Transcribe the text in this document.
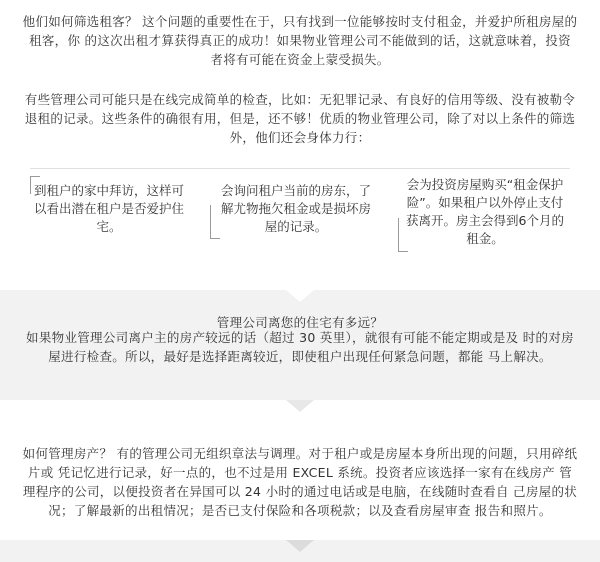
他们如何筛选租客？ 这个问题的重要性在于，只有找到一位能够按时支付租金，并爱护所租房屋的租客，你 的这次出租才算获得真正的成功！如果物业管理公司不能做到的话，这就意味着，投资 者将有可能在资金上蒙受损失。

有些管理公司可能只是在线完成简单的检查，比如：无犯罪记录、有良好的信用等级、没有被勒令退租的记录。这些条件的确很有用，但是，还不够！优质的物业管理公司，除了对以上条件的筛选外，他们还会身体力行：

到租户的家中拜访，这样可以看出潜在租户是否爱护住宅。

会询问租户当前的房东，了解尤物拖欠租金或是损坏房屋的记录。

会为投资房屋购买“租金保护险”。如果租户以外停止支付获离开。房主会得到6个月的租金。

管理公司离您的住宅有多远？

如果物业管理公司离户主的房产较远的话（超过 30 英里），就很有可能不能定期或是及 时的对房屋进行检查。所以，最好是选择距离较近，即使租户出现任何紧急问题，都能 马上解决。

如何管理房产？ 有的管理公司无组织章法与调理。对于租户或是房屋本身所出现的问题，只用碎纸片或 凭记忆进行记录，好一点的，也不过是用 EXCEL 系统。投资者应该选择一家有在线房产 管理程序的公司，以便投资者在异国可以 24 小时的通过电话或是电脑，在线随时查看自 己房屋的状况；了解最新的出租情况；是否已支付保险和各项税款；以及查看房屋审查 报告和照片。
